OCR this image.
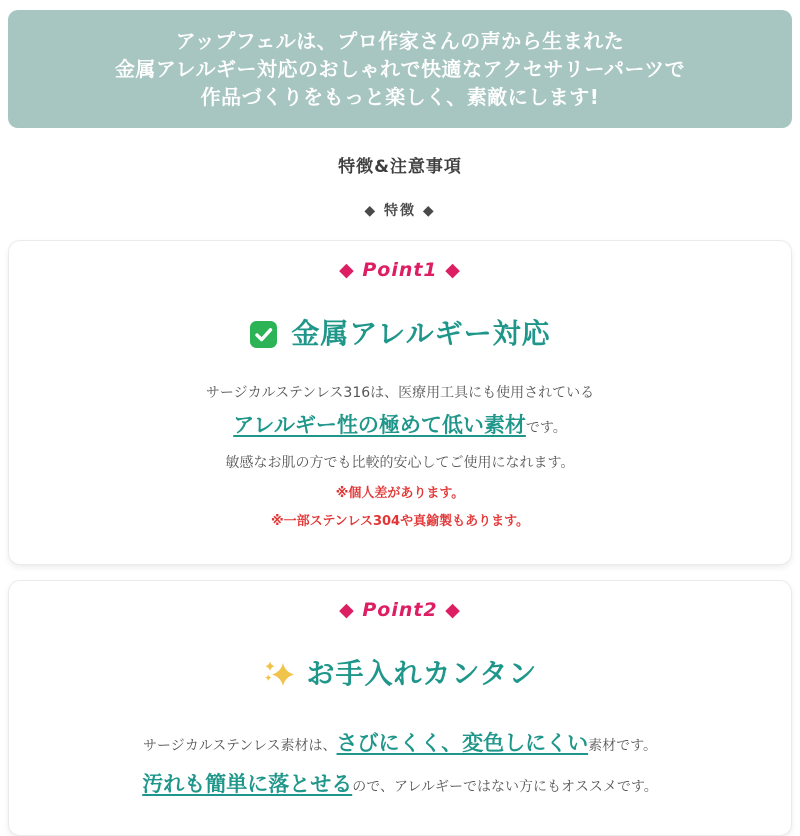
アップフェルは、プロ作家さんの声から生まれた
金属アレルギー対応のおしゃれで快適なアクセサリーパーツで
作品づくりをもっと楽しく、素敵にします!
特徴&注意事項
◆ 特徴 ◆
◆ Point1 ◆
金属アレルギー対応

サージカルステンレス316は、医療用工具にも使用されている

アレルギー性の極めて低い素材です。

敏感なお肌の方でも比較的安心してご使用になれます。

※個人差があります。

※一部ステンレス304や真鍮製もあります。

◆ Point2 ◆
お手入れカンタン

サージカルステンレス素材は、さびにくく、変色しにくい素材です。

汚れも簡単に落とせるので、アレルギーではない方にもオススメです。
